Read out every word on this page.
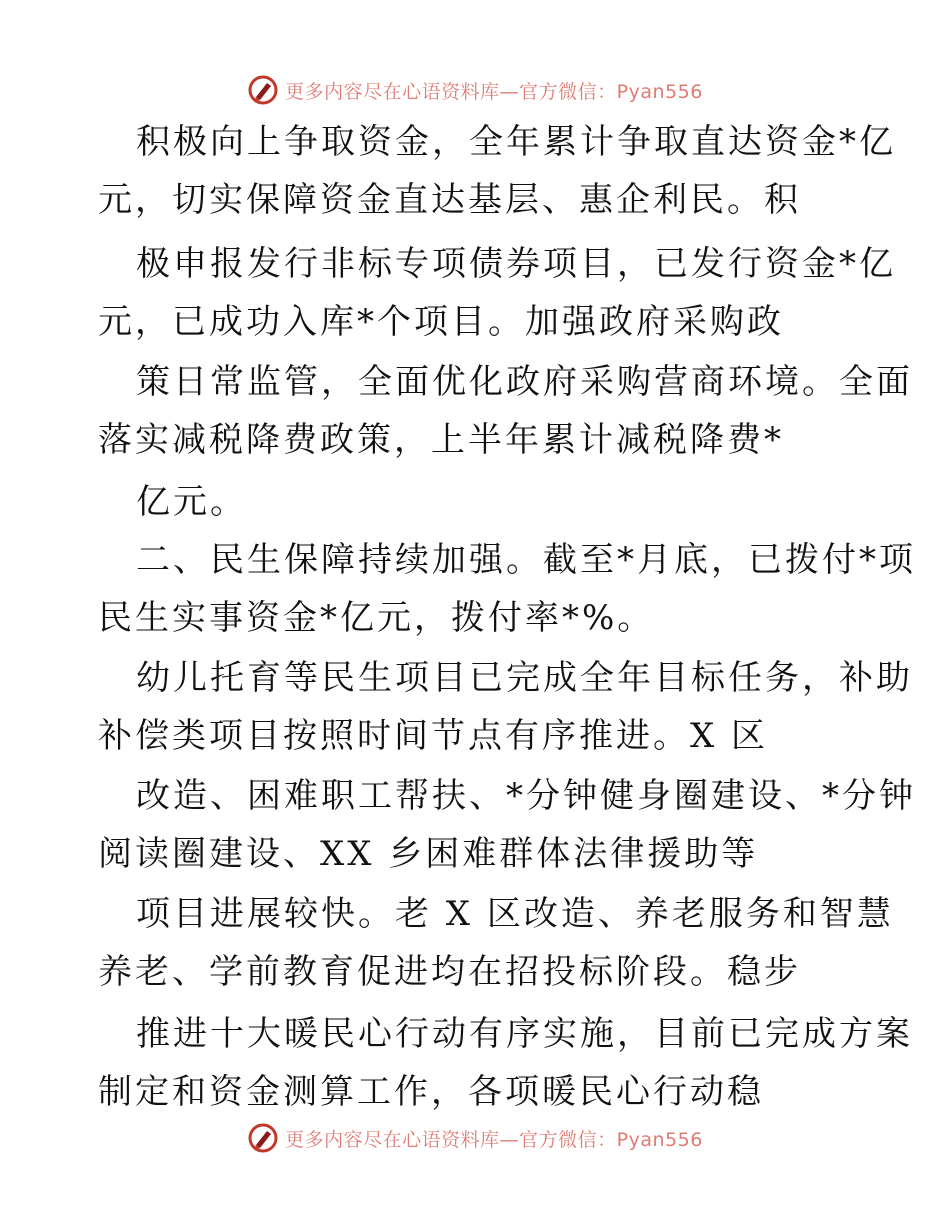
更多内容尽在心语资料库—官方微信：Pyan556
积极向上争取资金，全年累计争取直达资金*亿
元，切实保障资金直达基层、惠企利民。积
极申报发行非标专项债券项目，已发行资金*亿
元，已成功入库*个项目。加强政府采购政
策日常监管，全面优化政府采购营商环境。全面
落实减税降费政策，上半年累计减税降费*
亿元。
二、民生保障持续加强。截至*月底，已拨付*项
民生实事资金*亿元，拨付率*%。
幼儿托育等民生项目已完成全年目标任务，补助
补偿类项目按照时间节点有序推进。X 区
改造、困难职工帮扶、*分钟健身圈建设、*分钟
阅读圈建设、XX 乡困难群体法律援助等
项目进展较快。老 X 区改造、养老服务和智慧
养老、学前教育促进均在招投标阶段。稳步
推进十大暖民心行动有序实施，目前已完成方案
制定和资金测算工作，各项暖民心行动稳
更多内容尽在心语资料库—官方微信：Pyan556
